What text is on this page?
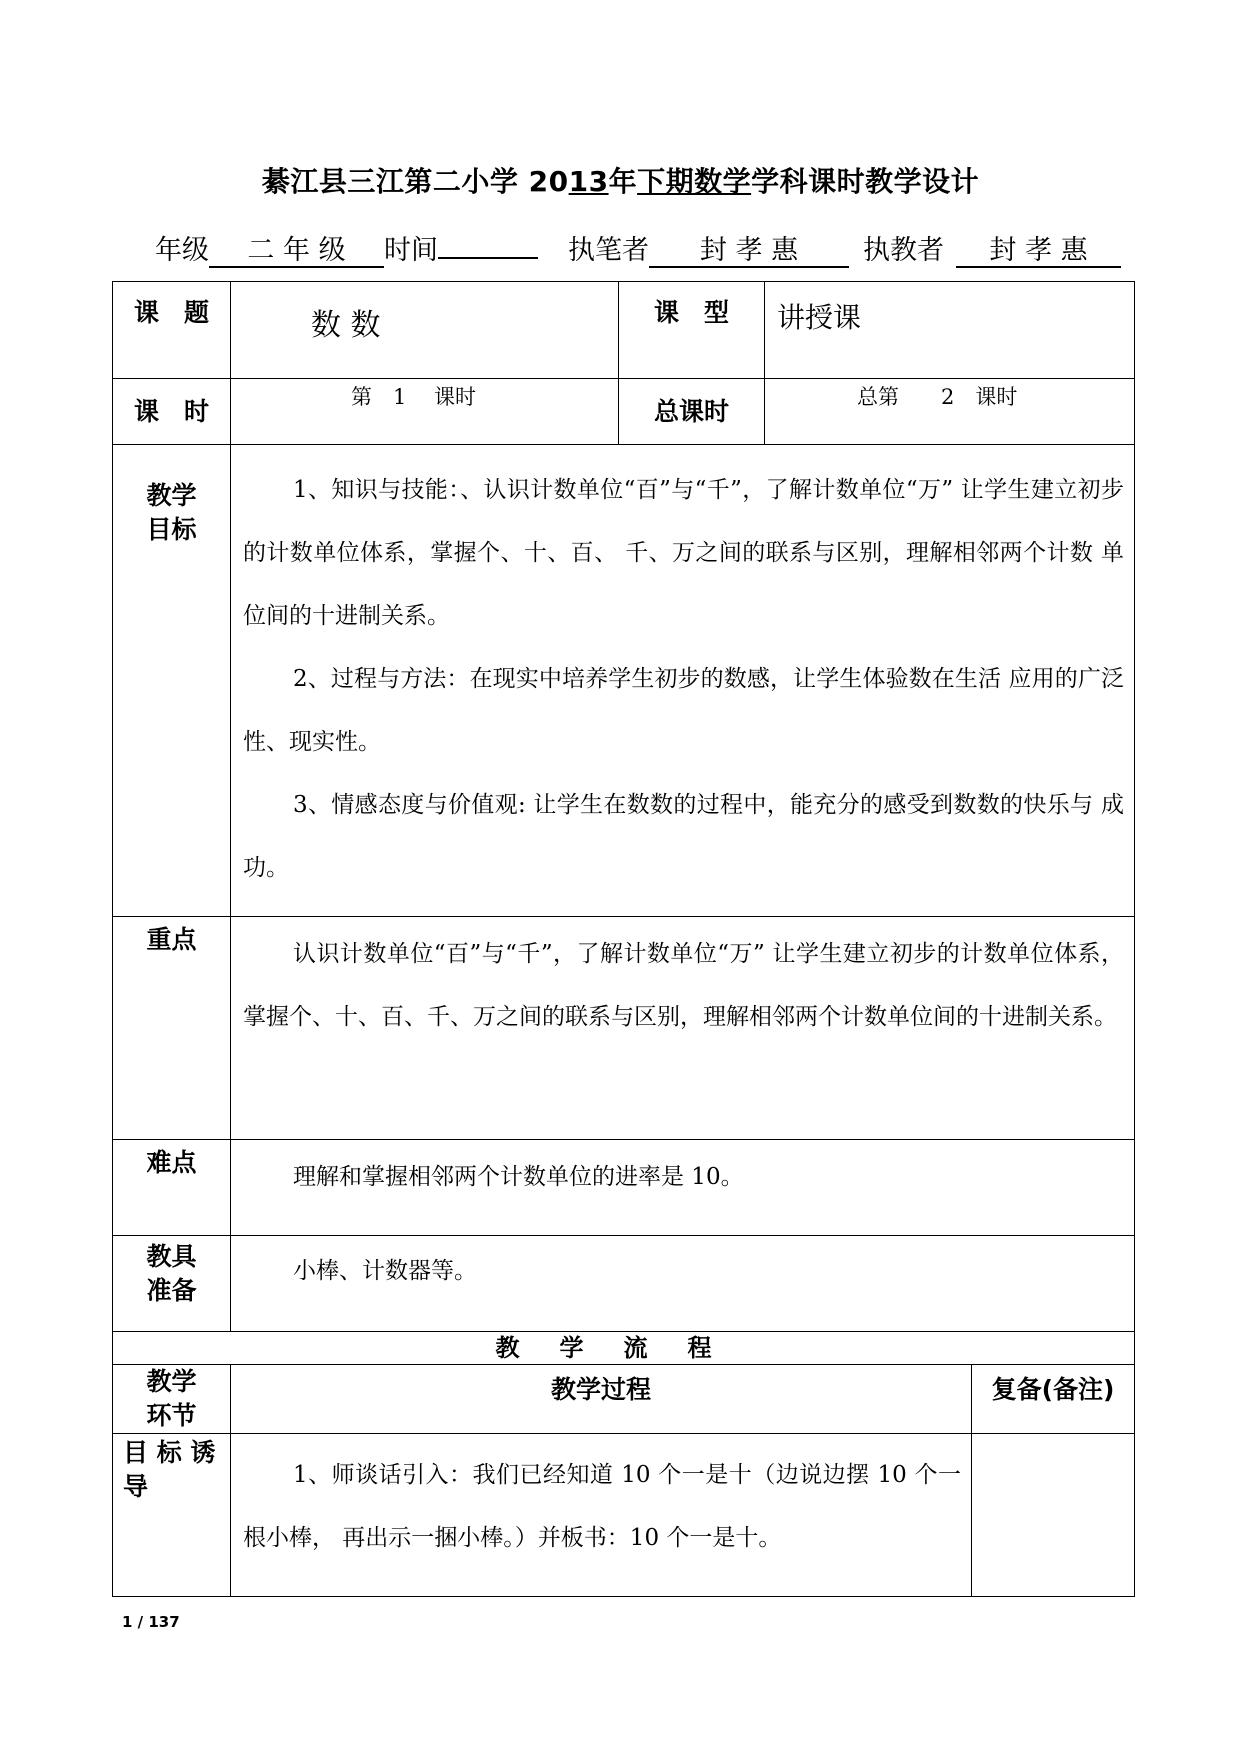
綦江县三江第二小学 2013年下期数学学科课时教学设计
年级 二 年 级 时间	执笔者 封 孝 惠 执教者 封 孝 惠
课　题	数 数	课　型	讲授课	
课　时	第　1　 课时	总课时	总第　　2　课时	
教学目标	1、知识与技能：、认识计数单位“百”与“千”，了解计数单位“万” 让学生建立初步的计数单位体系，掌握个、十、百、 千、万之间的联系与区别，理解相邻两个计数 单位间的十进制关系。

2、过程与方法：在现实中培养学生初步的数感，让学生体验数在生活 应用的广泛性、现实性。

3、情感态度与价值观: 让学生在数数的过程中，能充分的感受到数数的快乐与 成功。			

重点	认识计数单位“百”与“千”，了解计数单位“万” 让学生建立初步的计数单位体系，掌握个、十、百、千、万之间的联系与区别，理解相邻两个计数单位间的十进制关系。			

难点	理解和掌握相邻两个计数单位的进率是 10。			

教具准备	小棒、计数器等。			

教学流程				
教学环节	教学过程			复备(备注)
目 标 诱导	1、师谈话引入：我们已经知道 10 个一是十（边说边摆 10 个一根小棒， 再出示一捆小棒。）并板书：10 个一是十。			

1 / 137
